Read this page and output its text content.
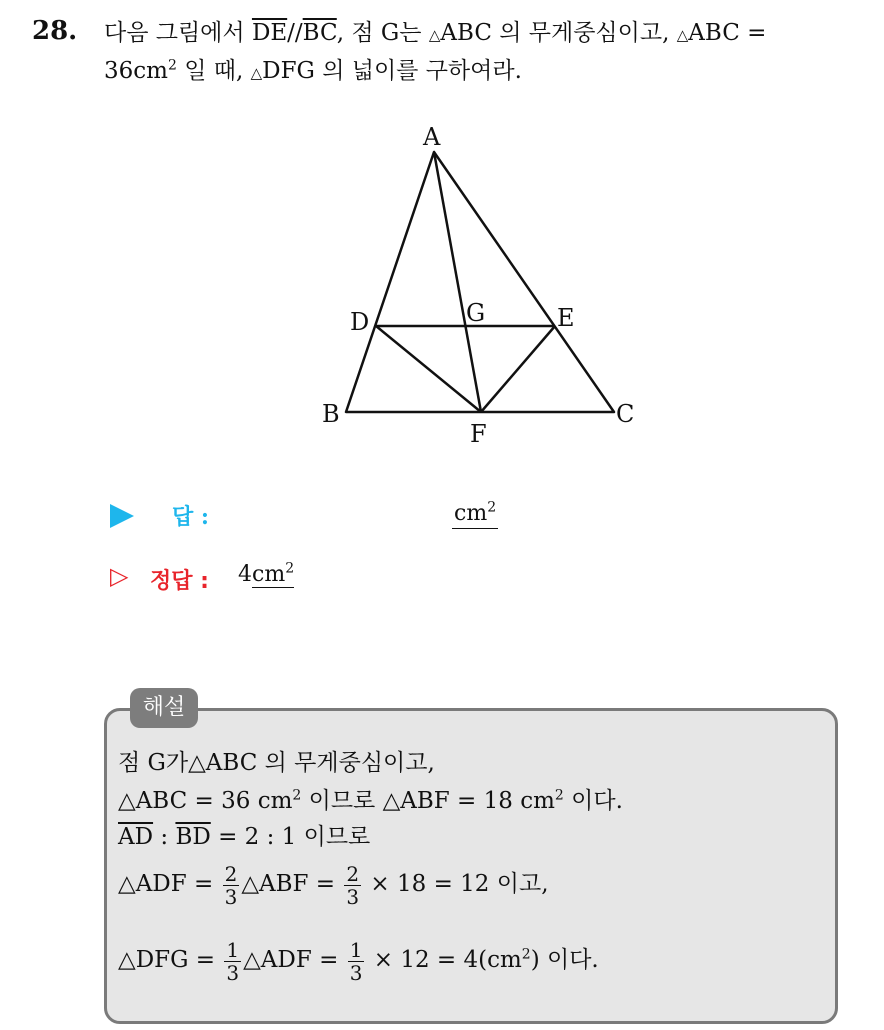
28. 다음 그림에서 $\overline{DE}//\overline{BC}$, 점 G는 △ABC 의 무게중심이고, △ABC =
$36cm^2$ 일 때, △DFG 의 넓이를 구하여라.
A
D	G	E
B
F
C
답 :	$cm^2$
▷ 정답 : $4cm^2$
해설
점 G가△ABC 의 무게중심이고,
△ABC = 36 $cm^2$ 이므로 △ABF = 18 $cm^2$ 이다.
$\overline{AD}$ : $\overline{BD} = 2$ : 1 이므로
△ADF = $\frac{2}{3}$ △ABF = $\frac{2}{3} \times 18 = 12$ 이고,
△DFG = $\frac{1}{3}$ △ADF = $\frac{1}{3} \times 12 = 4(cm^2)$ 이다.
